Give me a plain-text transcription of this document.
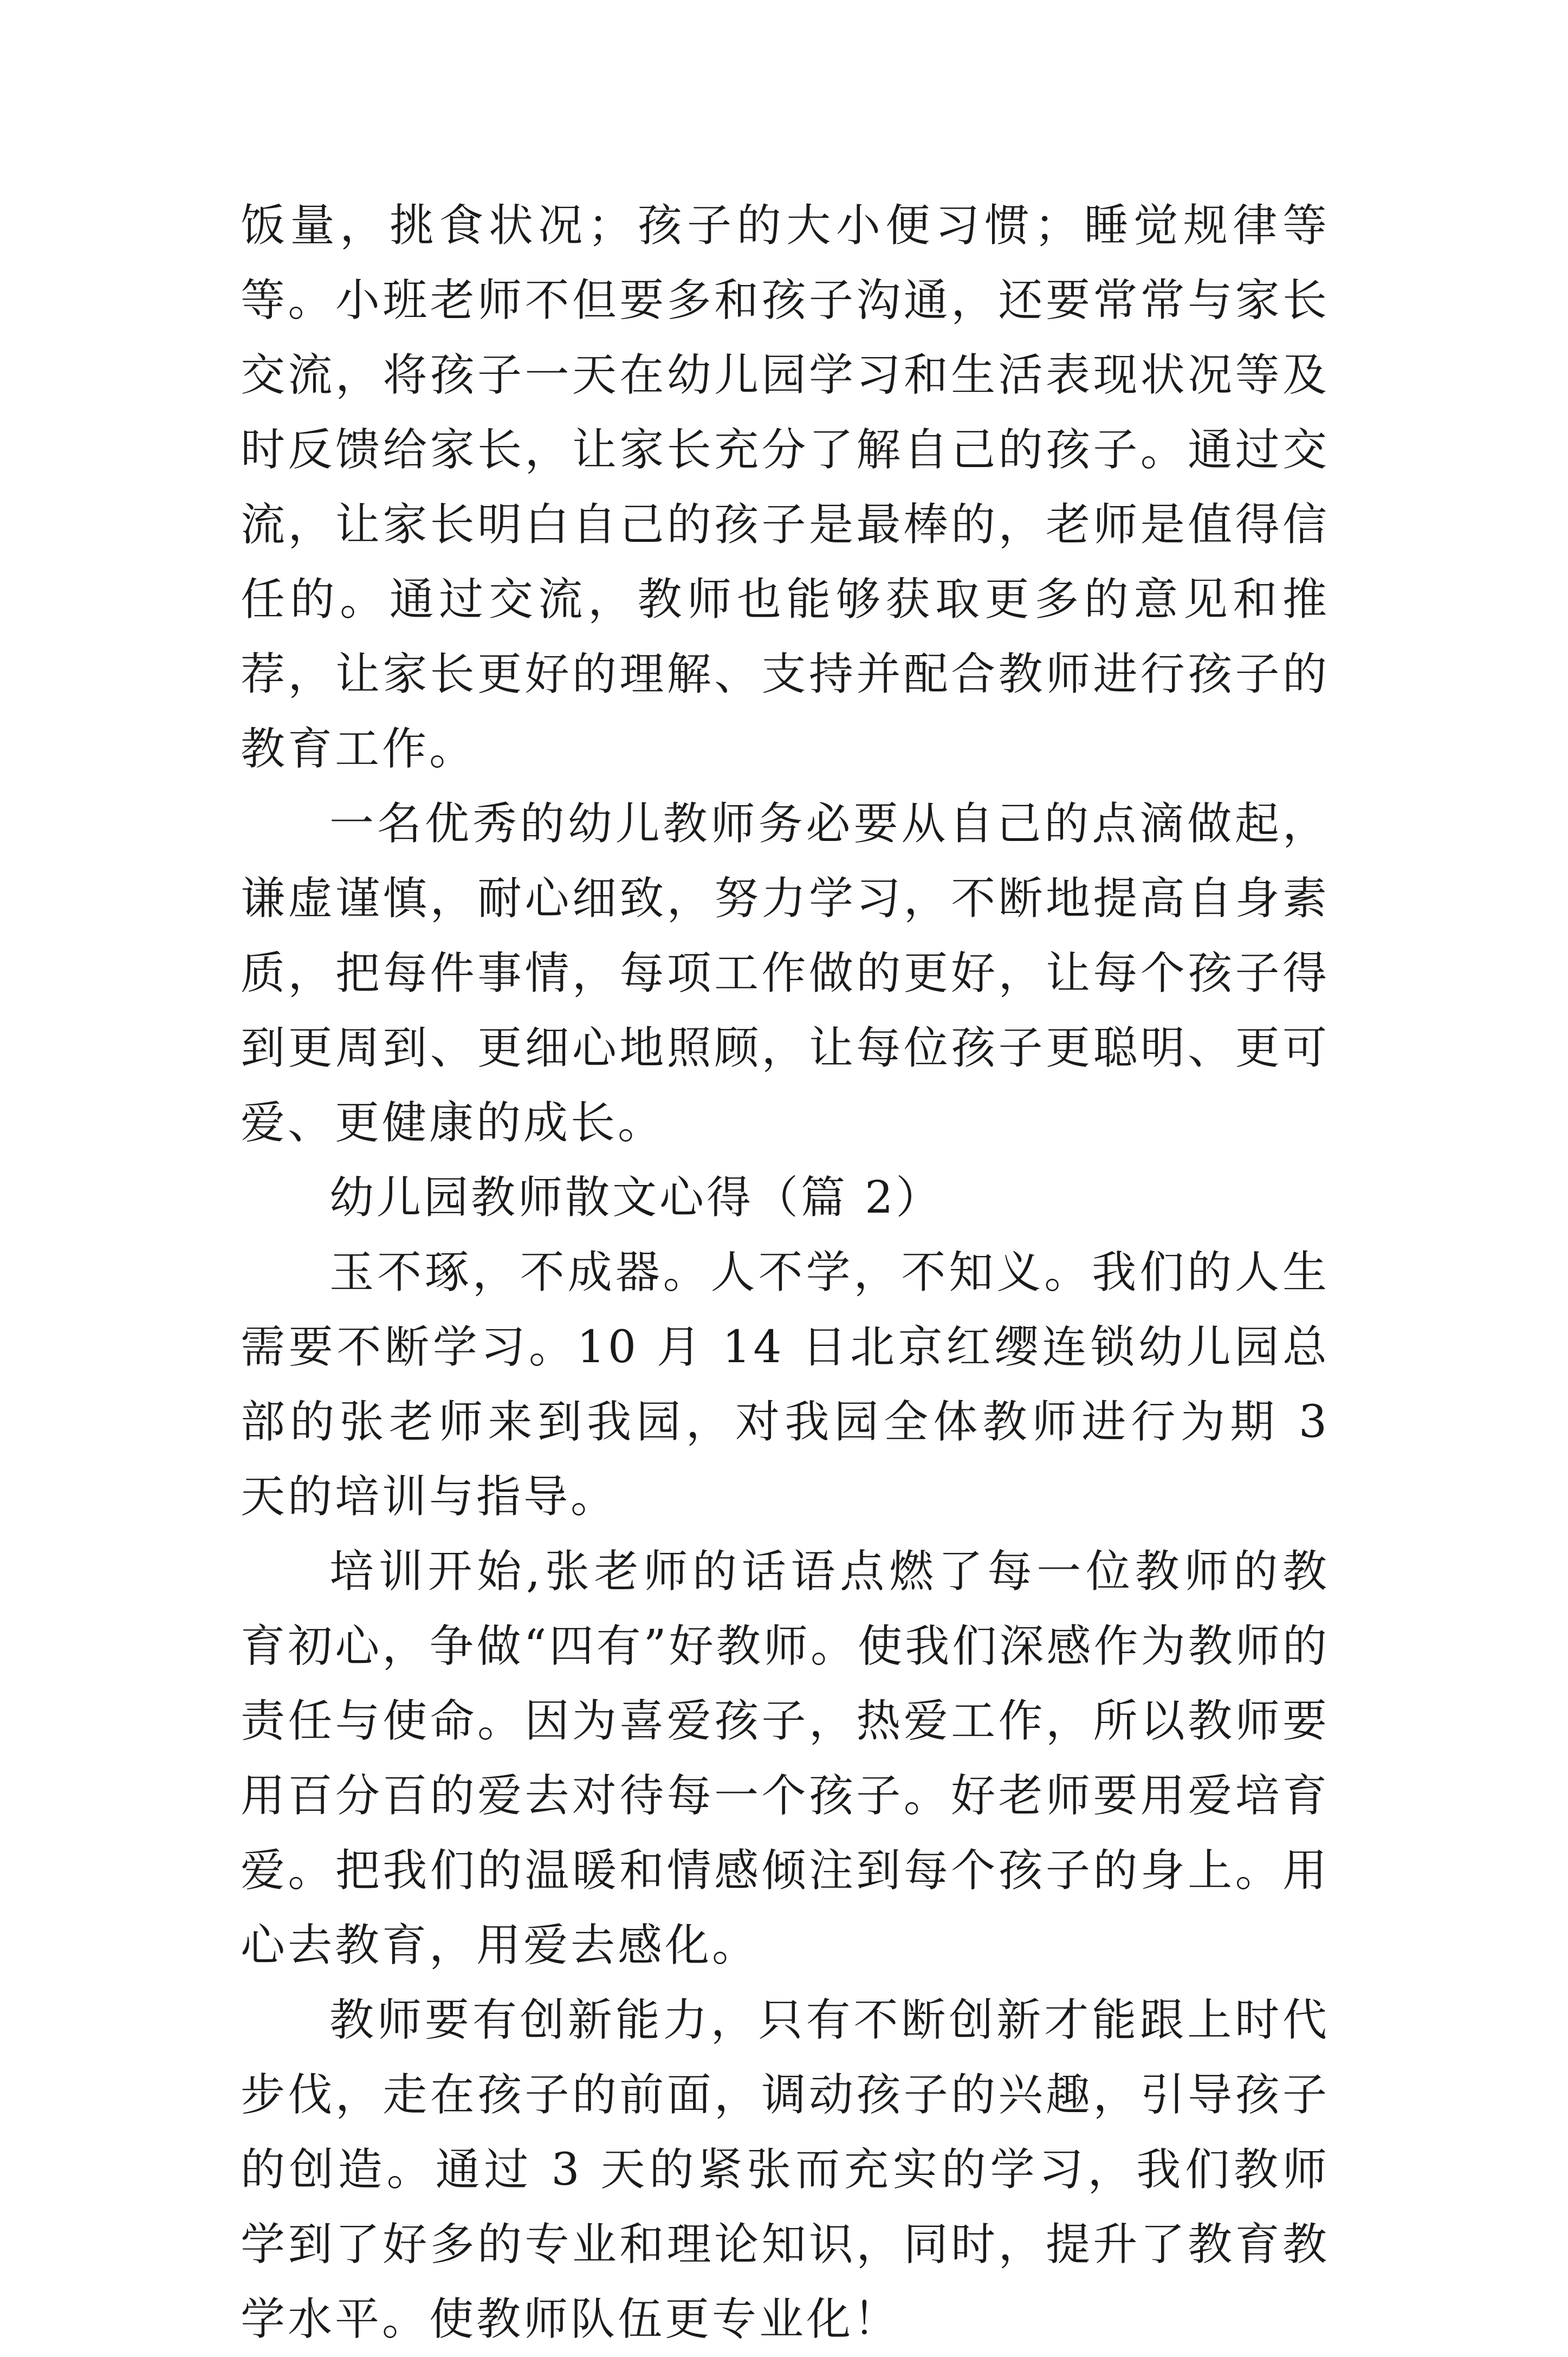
饭量，挑食状况；孩子的大小便习惯；睡觉规律等等。小班老师不但要多和孩子沟通，还要常常与家长交流，将孩子一天在幼儿园学习和生活表现状况等及时反馈给家长，让家长充分了解自己的孩子。通过交流，让家长明白自己的孩子是最棒的，老师是值得信任的。通过交流，教师也能够获取更多的意见和推荐，让家长更好的理解、支持并配合教师进行孩子的教育工作。

一名优秀的幼儿教师务必要从自己的点滴做起，谦虚谨慎，耐心细致，努力学习，不断地提高自身素质，把每件事情，每项工作做的更好，让每个孩子得到更周到、更细心地照顾，让每位孩子更聪明、更可爱、更健康的成长。

幼儿园教师散文心得（篇 2）

玉不琢，不成器。人不学，不知义。我们的人生需要不断学习。10 月 14 日北京红缨连锁幼儿园总部的张老师来到我园，对我园全体教师进行为期 3 天的培训与指导。

培训开始,张老师的话语点燃了每一位教师的教育初心，争做“四有”好教师。使我们深感作为教师的责任与使命。因为喜爱孩子，热爱工作，所以教师要用百分百的爱去对待每一个孩子。好老师要用爱培育爱。把我们的温暖和情感倾注到每个孩子的身上。用心去教育，用爱去感化。

教师要有创新能力，只有不断创新才能跟上时代步伐，走在孩子的前面，调动孩子的兴趣，引导孩子的创造。通过 3 天的紧张而充实的学习，我们教师学到了好多的专业和理论知识，同时，提升了教育教学水平。使教师队伍更专业化！
